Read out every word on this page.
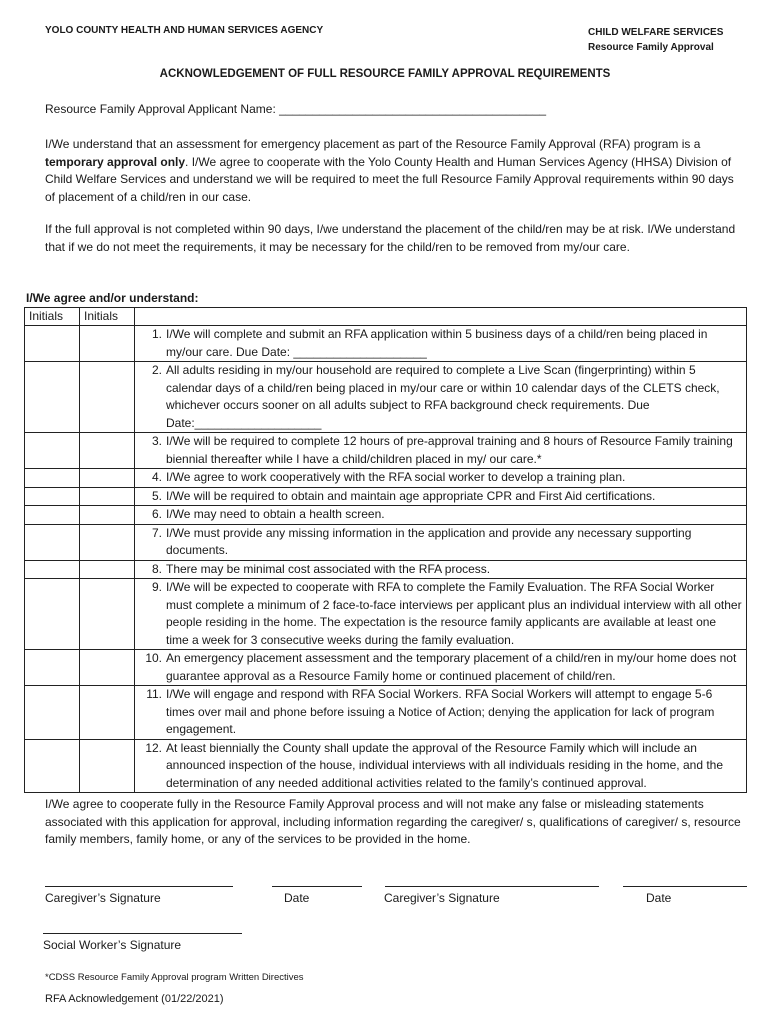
YOLO COUNTY HEALTH AND HUMAN SERVICES AGENCY	CHILD WELFARE SERVICES
Resource Family Approval
ACKNOWLEDGEMENT OF FULL RESOURCE FAMILY APPROVAL REQUIREMENTS
Resource Family Approval Applicant Name: ________________________________________
I/We understand that an assessment for emergency placement as part of the Resource Family Approval (RFA) program is a temporary approval only. I/We agree to cooperate with the Yolo County Health and Human Services Agency (HHSA) Division of Child Welfare Services and understand we will be required to meet the full Resource Family Approval requirements within 90 days of placement of a child/ren in our case.
If the full approval is not completed within 90 days, I/we understand the placement of the child/ren may be at risk. I/We understand that if we do not meet the requirements, it may be necessary for the child/ren to be removed from my/our care.
I/We agree and/or understand:
Initials	Initials	

		1. I/We will complete and submit an RFA application within 5 business days of a child/ren being placed in my/our care. Due Date: ____________________

		2. All adults residing in my/our household are required to complete a Live Scan (fingerprinting) within 5 calendar days of a child/ren being placed in my/our care or within 10 calendar days of the CLETS check, whichever occurs sooner on all adults subject to RFA background check requirements. Due Date:___________________

		3. I/We will be required to complete 12 hours of pre-approval training and 8 hours of Resource Family training biennial thereafter while I have a child/children placed in my/ our care.*

		4. I/We agree to work cooperatively with the RFA social worker to develop a training plan.

		5. I/We will be required to obtain and maintain age appropriate CPR and First Aid certifications.

		6. I/We may need to obtain a health screen.

		7. I/We must provide any missing information in the application and provide any necessary supporting documents.

		8. There may be minimal cost associated with the RFA process.

		9. I/We will be expected to cooperate with RFA to complete the Family Evaluation. The RFA Social Worker must complete a minimum of 2 face-to-face interviews per applicant plus an individual interview with all other people residing in the home. The expectation is the resource family applicants are available at least one time a week for 3 consecutive weeks during the family evaluation.

		10. An emergency placement assessment and the temporary placement of a child/ren in my/our home does not guarantee approval as a Resource Family home or continued placement of child/ren.

		11. I/We will engage and respond with RFA Social Workers. RFA Social Workers will attempt to engage 5-6 times over mail and phone before issuing a Notice of Action; denying the application for lack of program engagement.

		12. At least biennially the County shall update the approval of the Resource Family which will include an announced inspection of the house, individual interviews with all individuals residing in the home, and the determination of any needed additional activities related to the family’s continued approval.
I/We agree to cooperate fully in the Resource Family Approval process and will not make any false or misleading statements associated with this application for approval, including information regarding the caregiver/ s, qualifications of caregiver/ s, resource family members, family home, or any of the services to be provided in the home.
Caregiver’s Signature	Date	Caregiver’s Signature	Date
Social Worker’s Signature
*CDSS Resource Family Approval program Written Directives
RFA Acknowledgement (01/22/2021)
